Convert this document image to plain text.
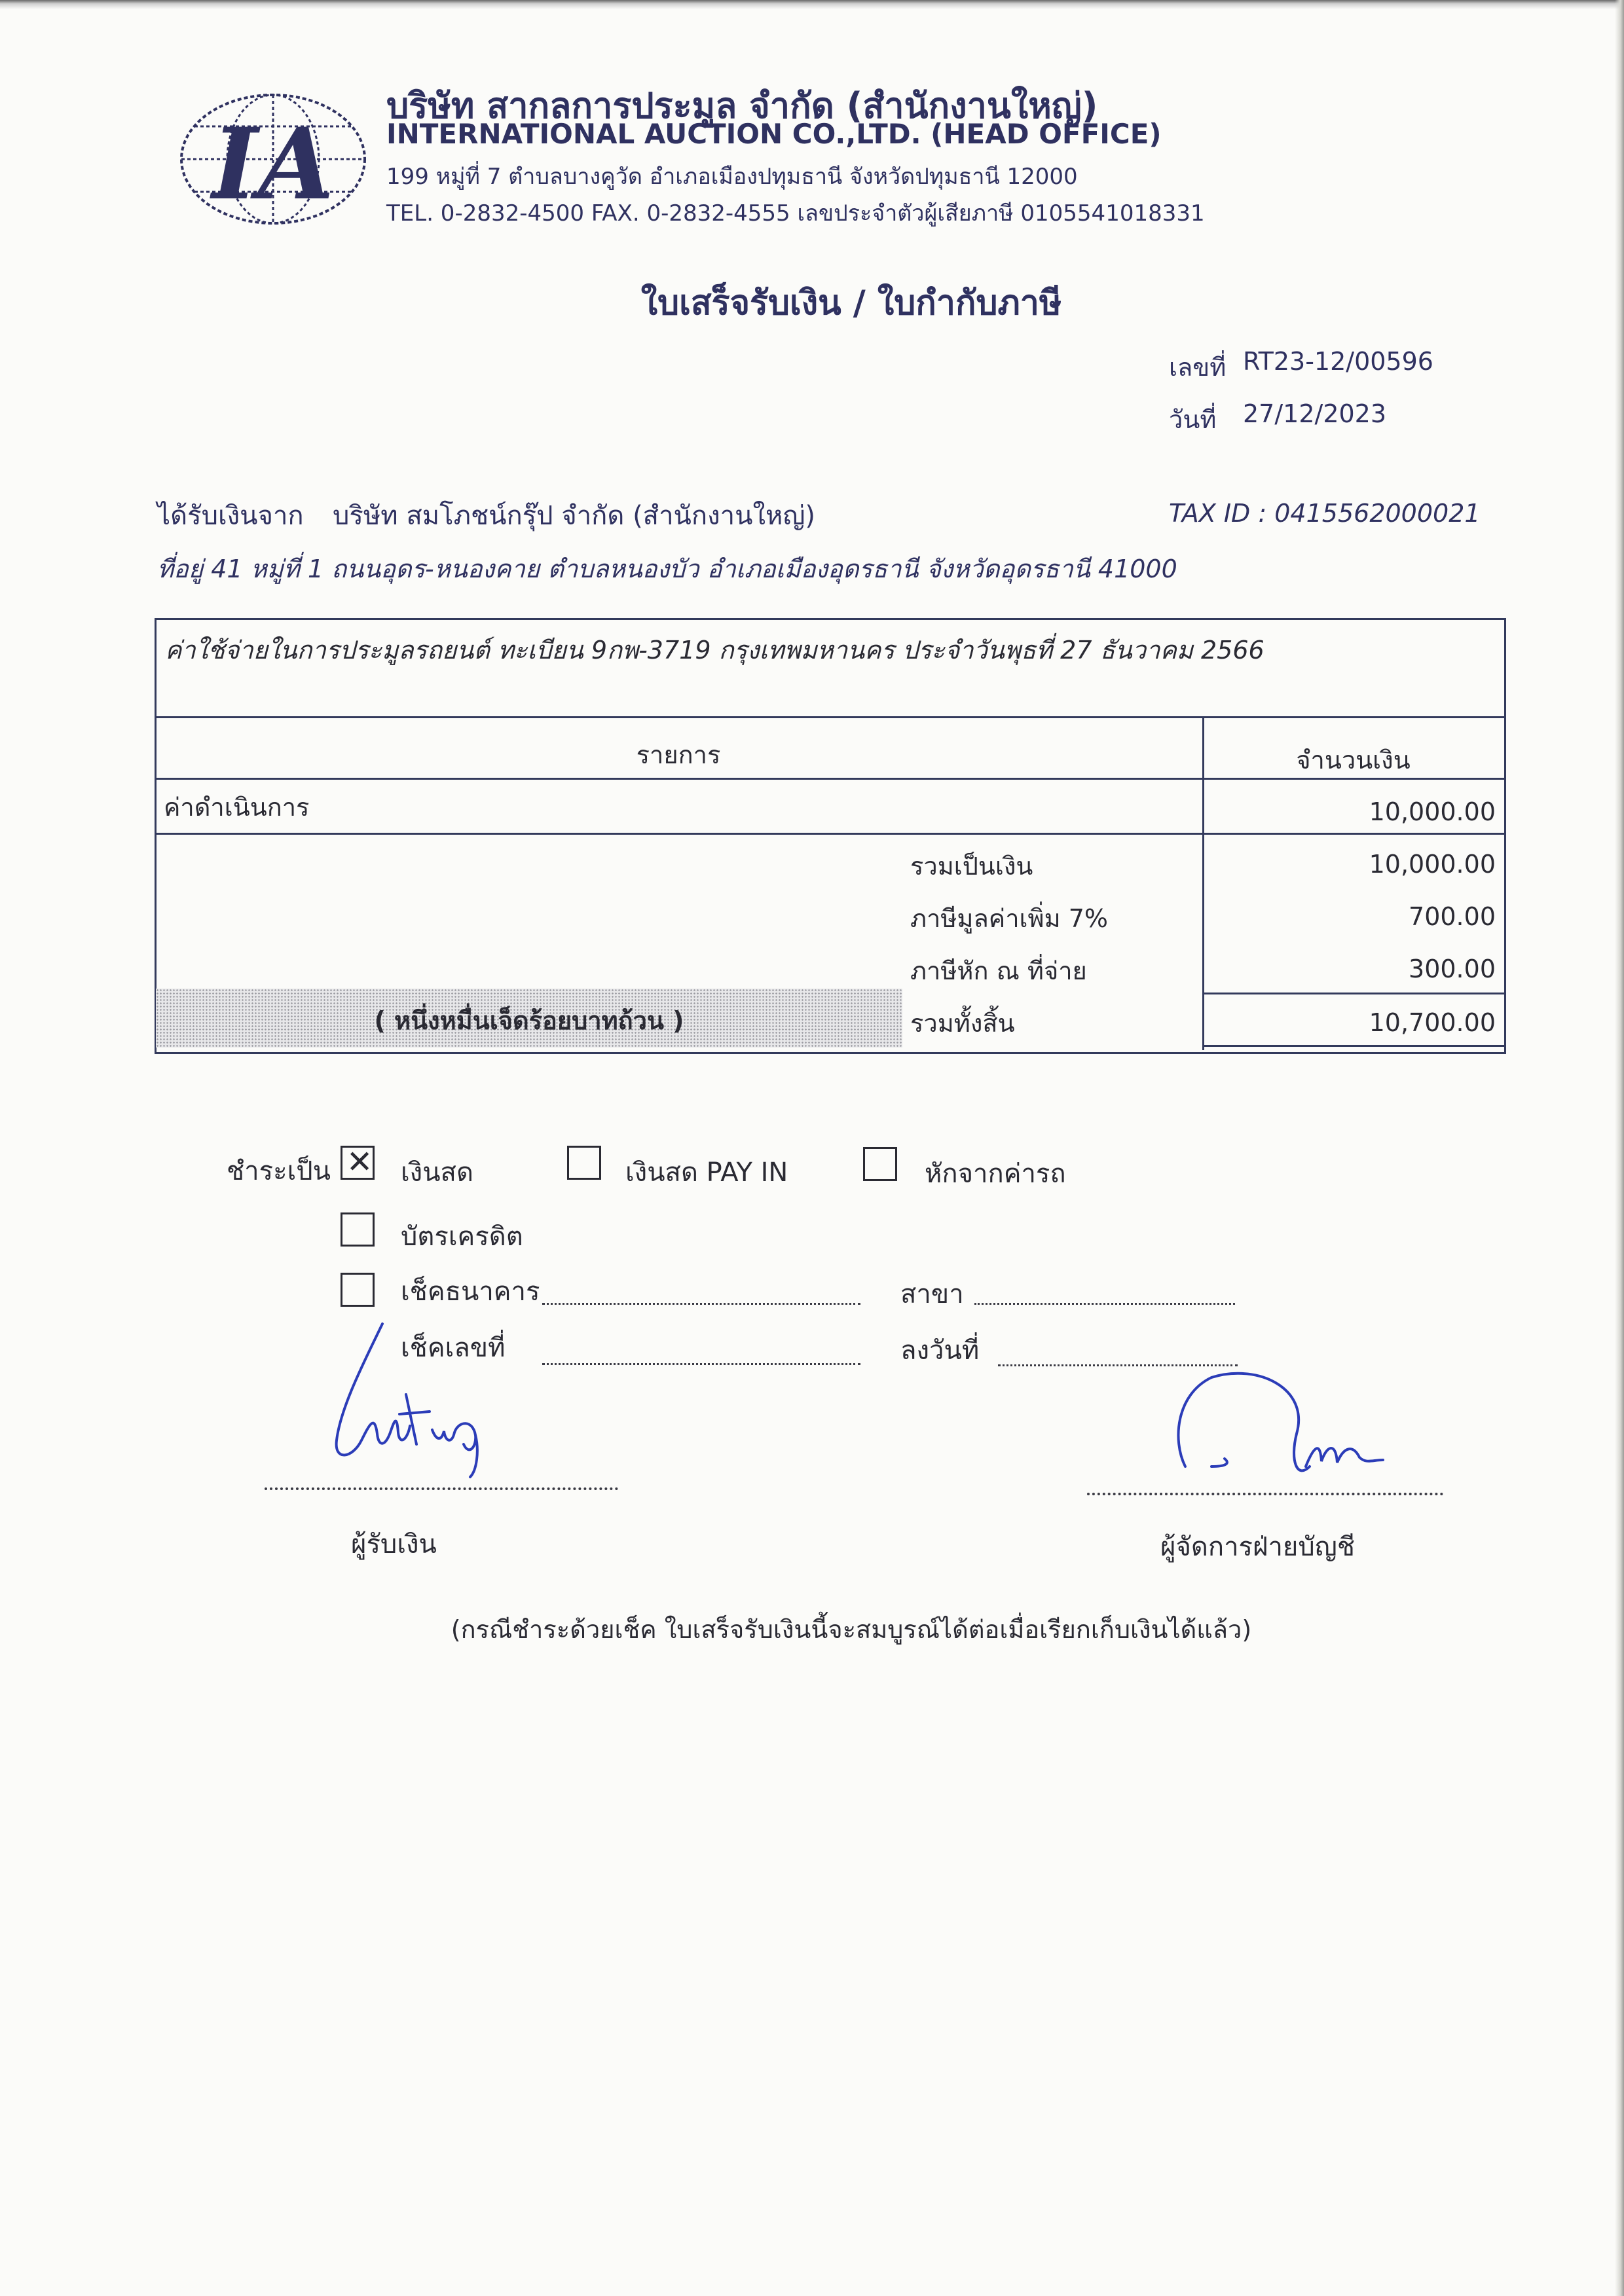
IA
บริษัท สากลการประมูล จำกัด (สำนักงานใหญ่)
INTERNATIONAL AUCTION CO.,LTD. (HEAD OFFICE)
199 หมู่ที่ 7 ตำบลบางคูวัด อำเภอเมืองปทุมธานี จังหวัดปทุมธานี 12000
TEL. 0-2832-4500 FAX. 0-2832-4555 เลขประจำตัวผู้เสียภาษี 0105541018331
ใบเสร็จรับเงิน / ใบกำกับภาษี
เลขที่ RT23-12/00596
วันที่ 27/12/2023
ได้รับเงินจาก บริษัท สมโภชน์กรุ๊ป จำกัด (สำนักงานใหญ่)	TAX ID : 0415562000021
ที่อยู่ 41 หมู่ที่ 1 ถนนอุดร-หนองคาย ตำบลหนองบัว อำเภอเมืองอุดรธานี จังหวัดอุดรธานี 41000
ค่าใช้จ่ายในการประมูลรถยนต์ ทะเบียน 9กพ-3719 กรุงเทพมหานคร ประจำวันพุธที่ 27 ธันวาคม 2566
รายการ	จำนวนเงิน
ค่าดำเนินการ	10,000.00
รวมเป็นเงิน	10,000.00
ภาษีมูลค่าเพิ่ม 7%	700.00
ภาษีหัก ณ ที่จ่าย	300.00
( หนึ่งหมื่นเจ็ดร้อยบาทถ้วน )	รวมทั้งสิ้น	10,700.00
ชำระเป็น ✕ เงินสด	เงินสด PAY IN	หักจากค่ารถ
บัตรเครดิต
เช็คธนาคาร	สาขา
เช็คเลขที่	ลงวันที่
ผู้รับเงิน	ผู้จัดการฝ่ายบัญชี
(กรณีชำระด้วยเช็ค ใบเสร็จรับเงินนี้จะสมบูรณ์ได้ต่อเมื่อเรียกเก็บเงินได้แล้ว)
